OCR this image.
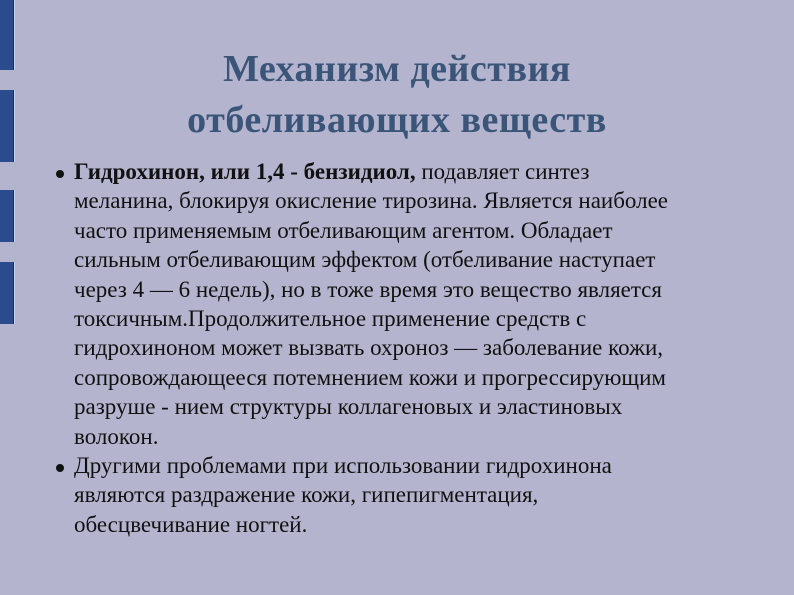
Механизм действия
отбеливающих веществ
Гидрохинон, или 1,4 - бензидиол, подавляет синтез
меланина, блокируя окисление тирозина. Является наиболее
часто применяемым отбеливающим агентом. Обладает
сильным отбеливающим эффектом (отбеливание наступает
через 4 — 6 недель), но в тоже время это вещество является
токсичным.Продолжительное применение средств с
гидрохиноном может вызвать охроноз — заболевание кожи,
сопровождающееся потемнением кожи и прогрессирующим
разруше - нием структуры коллагеновых и эластиновых
волокон.
Другими проблемами при использовании гидрохинона
являются раздражение кожи, гипепигментация,
обесцвечивание ногтей.
